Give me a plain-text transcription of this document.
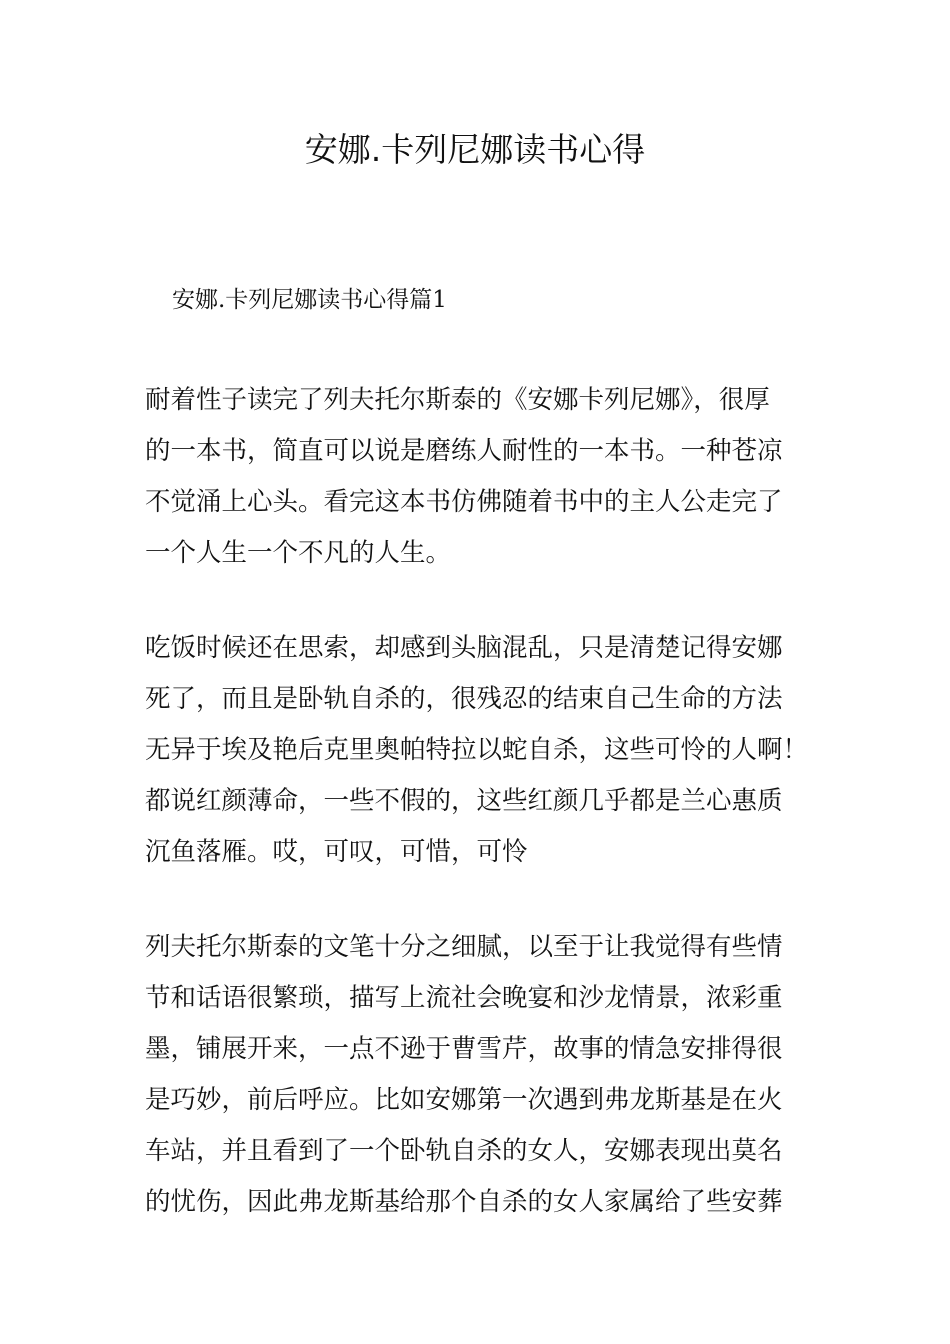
安娜.卡列尼娜读书心得

安娜.卡列尼娜读书心得篇1

耐着性子读完了列夫托尔斯泰的《安娜卡列尼娜》，很厚
的一本书，简直可以说是磨练人耐性的一本书。一种苍凉
不觉涌上心头。看完这本书仿佛随着书中的主人公走完了
一个人生一个不凡的人生。

吃饭时候还在思索，却感到头脑混乱，只是清楚记得安娜
死了，而且是卧轨自杀的，很残忍的结束自己生命的方法
无异于埃及艳后克里奥帕特拉以蛇自杀，这些可怜的人啊！
都说红颜薄命，一些不假的，这些红颜几乎都是兰心惠质
沉鱼落雁。哎，可叹，可惜，可怜

列夫托尔斯泰的文笔十分之细腻，以至于让我觉得有些情
节和话语很繁琐，描写上流社会晚宴和沙龙情景，浓彩重
墨，铺展开来，一点不逊于曹雪芹，故事的情急安排得很
是巧妙，前后呼应。比如安娜第一次遇到弗龙斯基是在火
车站，并且看到了一个卧轨自杀的女人，安娜表现出莫名
的忧伤，因此弗龙斯基给那个自杀的女人家属给了些安葬
